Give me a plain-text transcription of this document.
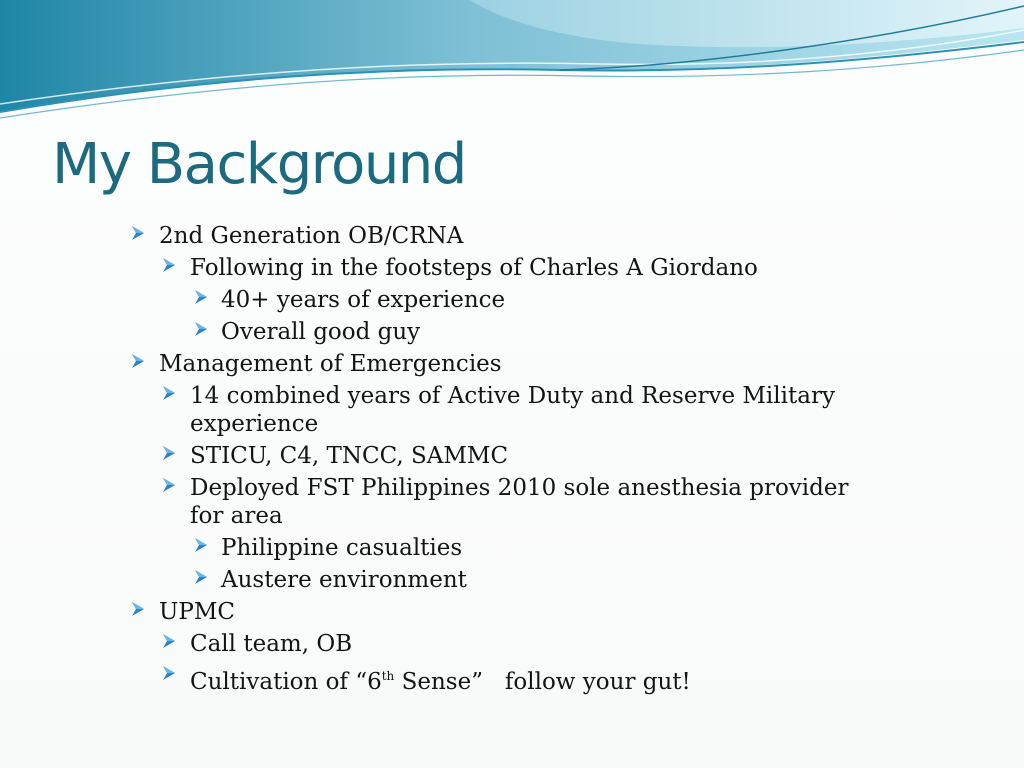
My Background
2nd Generation OB/CRNA
Following in the footsteps of Charles A Giordano
40+ years of experience
Overall good guy
Management of Emergencies
14 combined years of Active Duty and Reserve Military experience
STICU, C4, TNCC, SAMMC
Deployed FST Philippines 2010 sole anesthesia provider for area
Philippine casualties
Austere environment
UPMC
Call team, OB
Cultivation of “6th Sense”   follow your gut!
